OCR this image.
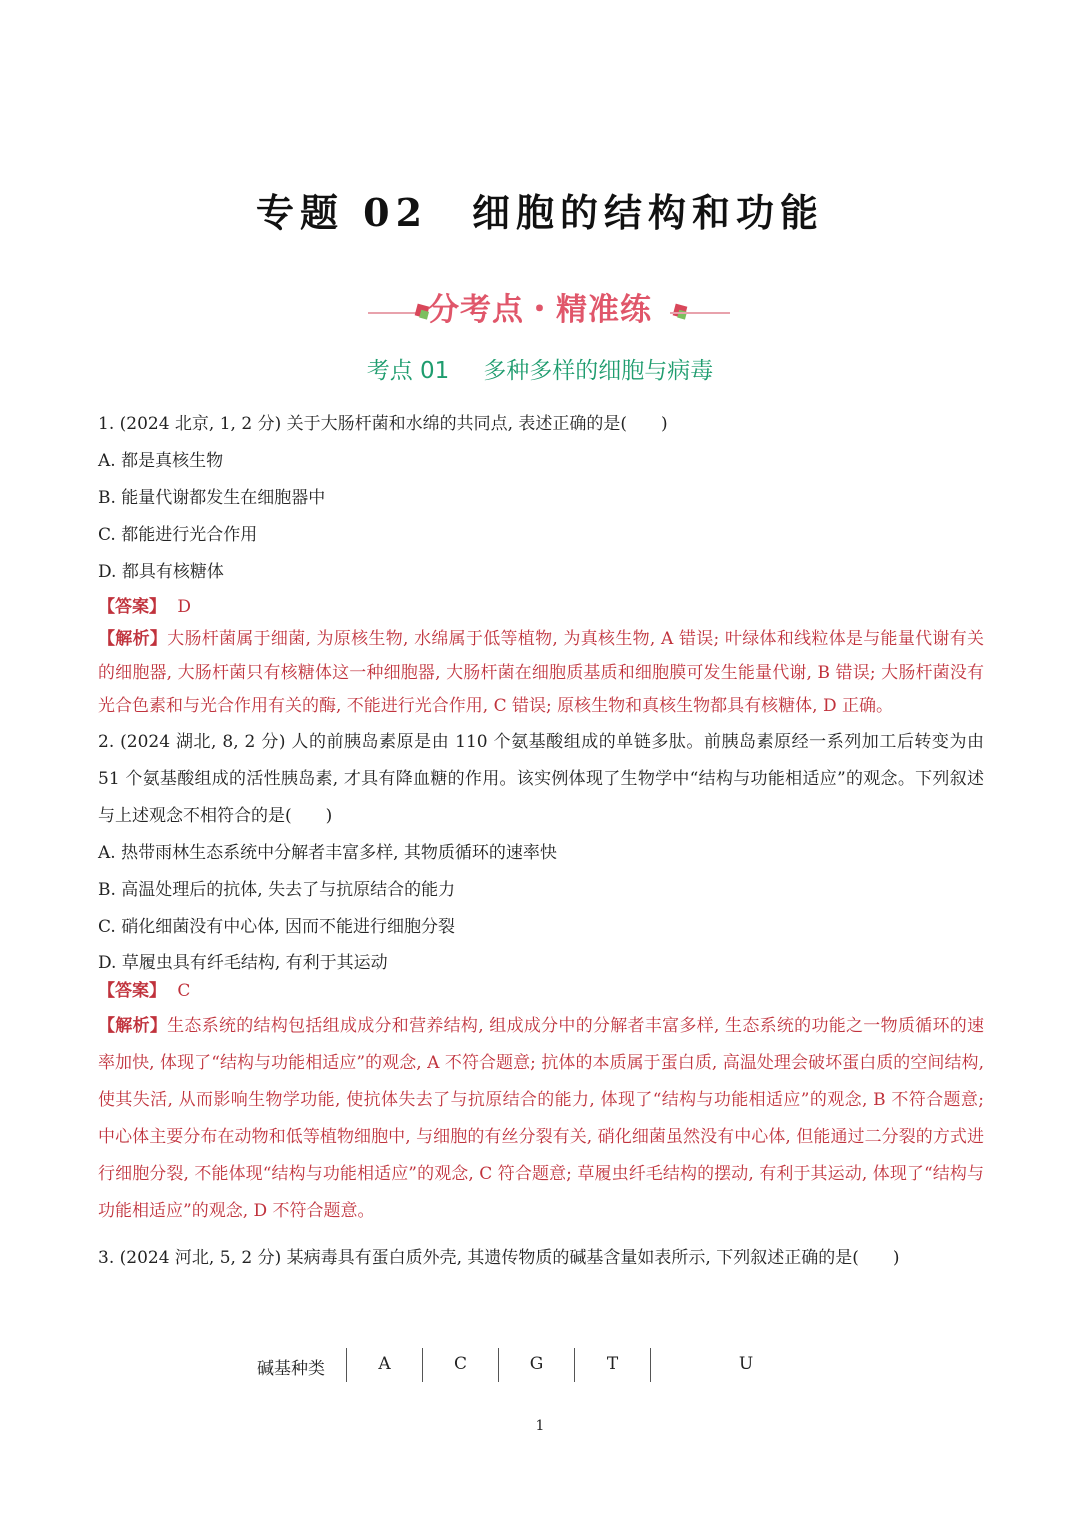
专题 02　细胞的结构和功能
分考点・精准练
考点 01 多种多样的细胞与病毒
1. (2024 北京, 1, 2 分) 关于大肠杆菌和水绵的共同点, 表述正确的是(　　)
A. 都是真核生物
B. 能量代谢都发生在细胞器中
C. 都能进行光合作用
D. 都具有核糖体
【答案】 D
【解析】大肠杆菌属于细菌, 为原核生物, 水绵属于低等植物, 为真核生物, A 错误; 叶绿体和线粒体是与能量代谢有关的细胞器, 大肠杆菌只有核糖体这一种细胞器, 大肠杆菌在细胞质基质和细胞膜可发生能量代谢, B 错误; 大肠杆菌没有光合色素和与光合作用有关的酶, 不能进行光合作用, C 错误; 原核生物和真核生物都具有核糖体, D 正确。
2. (2024 湖北, 8, 2 分) 人的前胰岛素原是由 110 个氨基酸组成的单链多肽。前胰岛素原经一系列加工后转变为由 51 个氨基酸组成的活性胰岛素, 才具有降血糖的作用。该实例体现了生物学中“结构与功能相适应”的观念。下列叙述与上述观念不相符合的是(　　)
A. 热带雨林生态系统中分解者丰富多样, 其物质循环的速率快
B. 高温处理后的抗体, 失去了与抗原结合的能力
C. 硝化细菌没有中心体, 因而不能进行细胞分裂
D. 草履虫具有纤毛结构, 有利于其运动
【答案】 C
【解析】生态系统的结构包括组成成分和营养结构, 组成成分中的分解者丰富多样, 生态系统的功能之一物质循环的速率加快, 体现了“结构与功能相适应”的观念, A 不符合题意; 抗体的本质属于蛋白质, 高温处理会破坏蛋白质的空间结构, 使其失活, 从而影响生物学功能, 使抗体失去了与抗原结合的能力, 体现了“结构与功能相适应”的观念, B 不符合题意; 中心体主要分布在动物和低等植物细胞中, 与细胞的有丝分裂有关, 硝化细菌虽然没有中心体, 但能通过二分裂的方式进行细胞分裂, 不能体现“结构与功能相适应”的观念, C 符合题意; 草履虫纤毛结构的摆动, 有利于其运动, 体现了“结构与功能相适应”的观念, D 不符合题意。
3. (2024 河北, 5, 2 分) 某病毒具有蛋白质外壳, 其遗传物质的碱基含量如表所示, 下列叙述正确的是(　　)
碱基种类	A	C	G	T	U
1
